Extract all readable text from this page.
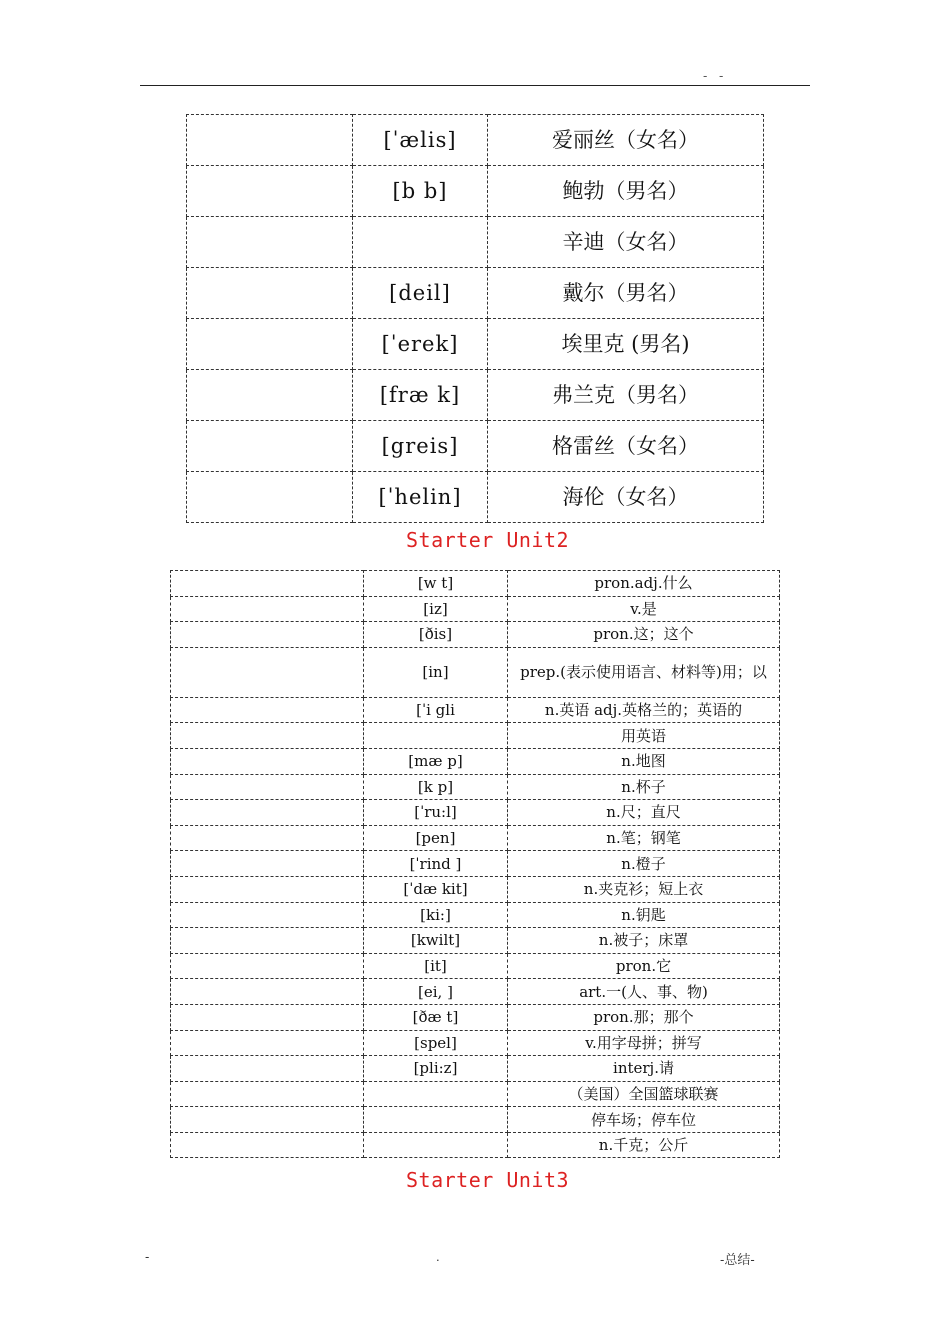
- -
	[ˈælis]	爱丽丝（女名）
	[b b]	鲍勃（男名）
		辛迪（女名）
	[deil]	戴尔（男名）
	[ˈerek]	埃里克 (男名)
	[fræ k]	弗兰克（男名）
	[greis]	格雷丝（女名）
	[ˈhelin]	海伦（女名）
Starter Unit2
	[w t]	pron.adj.什么
	[iz]	v.是
	[ðis]	pron.这；这个
	[in]	prep.(表示使用语言、材料等)用；以
	[ˈi gli	n.英语 adj.英格兰的；英语的
		用英语
	[mæ p]	n.地图
	[k p]	n.杯子
	[ˈru:l]	n.尺；直尺
	[pen]	n.笔；钢笔
	[ˈrind ]	n.橙子
	[ˈdæ kit]	n.夹克衫；短上衣
	[ki:]	n.钥匙
	[kwilt]	n.被子；床罩
	[it]	pron.它
	[ei, ]	art.一(人、事、物)
	[ðæ t]	pron.那；那个
	[spel]	v.用字母拼；拼写
	[pli:z]	interj.请
		（美国）全国篮球联赛
		停车场；停车位
		n.千克；公斤
Starter Unit3
-	.	-总结-
